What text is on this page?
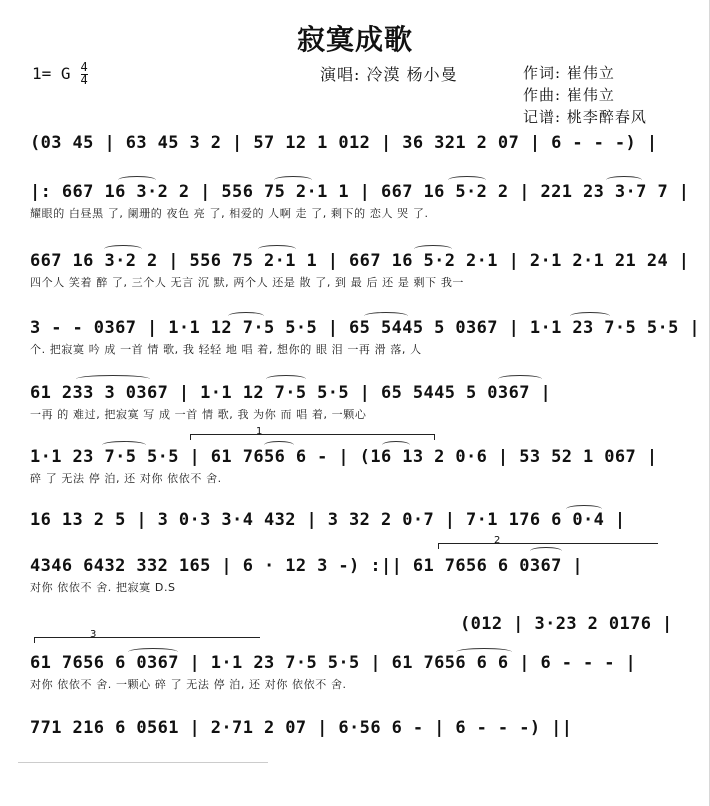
寂寞成歌
1= G 4
4	演唱: 冷漠 杨小曼	作词: 崔伟立
作曲: 崔伟立
记谱: 桃李醉春风
(03 45 | 63 45 3 2 | 57 12 1 012 | 36 321 2 07 | 6 - - -) |
|: 667 16 3·2 2 | 556 75 2·1 1 | 667 16 5·2 2 | 221 23 3·7 7 |
耀眼的 白昼黑 了, 阑珊的 夜色 亮 了, 相爱的 人啊 走 了, 剩下的 恋人 哭 了.
667 16 3·2 2 | 556 75 2·1 1 | 667 16 5·2 2·1 | 2·1 2·1 21 24 |
四个人 笑着 醉 了, 三个人 无言 沉 默, 两个人 还是 散 了, 到 最 后 还 是 剩下 我一
3 - - 0367 | 1·1 12 7·5 5·5 | 65 5445 5 0367 | 1·1 23 7·5 5·5 |
个. 把寂寞 吟 成 一首 情 歌, 我 轻轻 地 唱 着, 想你的 眼 泪 一再 滑 落, 人
61 233 3 0367 | 1·1 12 7·5 5·5 | 65 5445 5 0367 |
一再 的 难过, 把寂寞 写 成 一首 情 歌, 我 为你 而 唱 着, 一颗心
1
1·1 23 7·5 5·5 | 61 7656 6 - | (16 13 2 0·6 | 53 52 1 067 |
碎 了 无法 停 泊, 还 对你 依依不 舍.
16 13 2 5 | 3 0·3 3·4 432 | 3 32 2 0·7 | 7·1 176 6 0·4 |
2
4346 6432 332 165 | 6 · 12 3 -) :|| 61 7656 6 0367 |
对你 依依不 舍. 把寂寞 D.S
(012 | 3·23 2 0176 |
3
61 7656 6 0367 | 1·1 23 7·5 5·5 | 61 7656 6 6 | 6 - - - |
对你 依依不 舍. 一颗心 碎 了 无法 停 泊, 还 对你 依依不 舍.
771 216 6 0561 | 2·71 2 07 | 6·56 6 - | 6 - - -) ||
